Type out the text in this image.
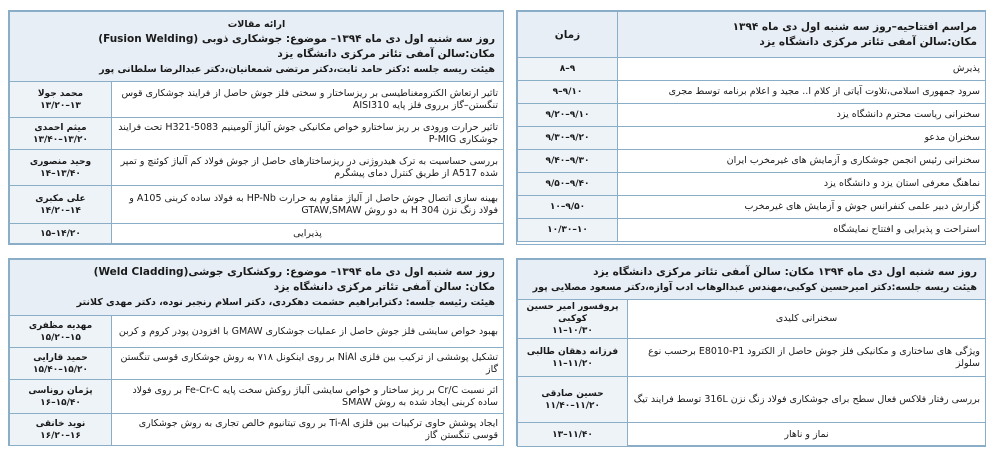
مراسم افتتاحیه–روز سه شنبه اول دی ماه ۱۳۹۴
مکان:سالن آمفی تئاتر مرکزی دانشگاه یزد	زمان
پذیرش	۹–۸
سرود جمهوری اسلامی،تلاوت آیاتی از کلام ا.. مجید و اعلام برنامه توسط مجری	۹/۱۰–۹
سخنرانی ریاست محترم دانشگاه یزد	۹/۱۰–۹/۲۰
سخنران مدعو	۹/۲۰–۹/۳۰
سخنرانی رئیس انجمن جوشکاری و آزمایش های غیرمخرب ایران	۹/۳۰–۹/۴۰
نماهنگ معرفی استان یزد و دانشگاه یزد	۹/۴۰–۹/۵۰
گزارش دبیر علمی کنفرانس جوش و آزمایش های غیرمخرب	۹/۵۰–۱۰
استراحت و پذیرایی و افتتاح نمایشگاه	۱۰–۱۰/۳۰
روز سه شنبه اول دی ماه ۱۳۹۴ مکان: سالن آمفی تئاتر مرکزی دانشگاه یزد
هیئت ریسه جلسه:دکتر امیرحسین کوکبی،مهندس عبدالوهاب ادب آوازه،دکتر مسعود مصلایی پور	

سخنرانی کلیدی	پروفسور امیر حسین کوکبی
۱۰/۳۰–۱۱

ویژگی های ساختاری و مکانیکی فلز جوش حاصل از الکترود E8010-P1 برحسب نوع سلولز	فرزانه دهقان طالبی
۱۱/۲۰–۱۱

بررسی رفتار فلاکس فعال سطح برای جوشکاری فولاد زنگ نزن 316L توسط فرایند تیگ	حسین صادقی
۱۱/۲۰–۱۱/۴۰

نماز و ناهار	۱۱/۴۰–۱۳
ارائه مقالات
روز سه شنبه اول دی ماه ۱۳۹۴– موضوع: جوشکاری ذوبی (Fusion Welding)
مکان:سالن آمفی تئاتر مرکزی دانشگاه یزد
هیئت ریسه جلسه :دکتر حامد ثابت،دکتر مرتضی شمعانیان،دکتر عبدالرضا سلطانی پور	

تاثیر ارتعاش الکترومغناطیسی بر ریزساختار و سختی فلز جوش حاصل از فرایند جوشکاری قوس تنگستن–گاز برروی فلز پایه AISI310	محمد جولا
۱۳–۱۳/۲۰

تاثیر حرارت ورودی بر ریز ساختارو خواص مکانیکی جوش آلیاژ آلومینیم 5083-H321 تحت فرایند جوشکاری P-MIG	میثم احمدی
۱۳/۲۰–۱۳/۴۰

بررسی حساسیت به ترک هیدروژنی در ریزساختارهای حاصل از جوش فولاد کم آلیاژ کوئنچ و تمپر شده A517 از طریق کنترل دمای پیشگرم	وحید منصوری
۱۳/۴۰–۱۴

بهینه سازی اتصال جوش حاصل از آلیاژ مقاوم به حرارت HP-Nb به فولاد ساده کربنی A105 و فولاد زنگ نزن 304 H به دو روش GTAW,SMAW	علی مکبری
۱۴–۱۴/۲۰

پذیرایی	۱۴/۲۰–۱۵
روز سه شنبه اول دی ماه ۱۳۹۴– موضوع: روکشکاری جوشی(Weld Cladding)
مکان: سالن آمفی تئاتر مرکزی دانشگاه یزد
هیئت رئیسه جلسه: دکترابراهیم حشمت دهکردی، دکتر اسلام رنجبر نوده، دکتر مهدی کلانتر	

بهبود خواص سایشی فلز جوش حاصل از عملیات جوشکاری GMAW با افزودن پودر کروم و کربن	مهدیه مظفری
۱۵–۱۵/۲۰

تشکیل پوششی از ترکیب بین فلزی NiAl بر روی اینکونل ۷۱۸ به روش جوشکاری قوسی تنگستن گاز	حمید قارایی
۱۵/۲۰–۱۵/۴۰

اثر نسبت Cr/C بر ریز ساختار و خواص سایشی آلیاژ روکش سخت پایه Fe-Cr-C بر روی فولاد ساده کربنی ایجاد شده به روش SMAW	پژمان روناسی
۱۵/۴۰–۱۶

ایجاد پوشش حاوی ترکیبات بین فلزی Ti-Al بر روی تیتانیوم خالص تجاری به روش جوشکاری قوسی تنگستن گاز	نوید خانقی
۱۶–۱۶/۲۰
